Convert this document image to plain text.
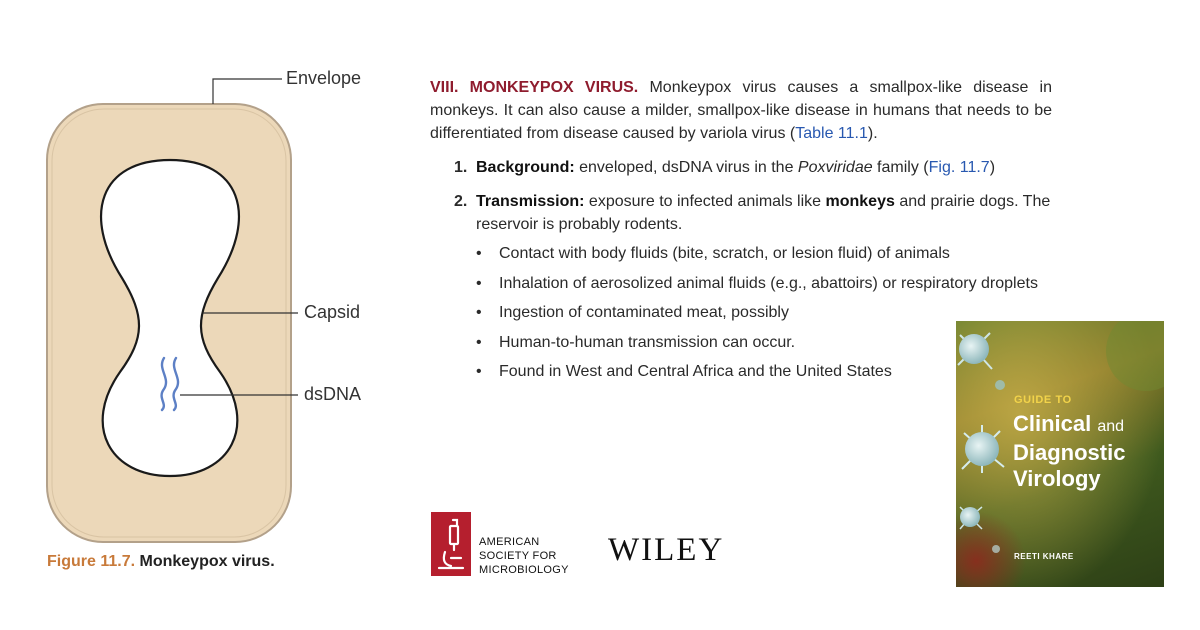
Envelope
Capsid
dsDNA
Figure 11.7. Monkeypox virus.

VIII. MONKEYPOX VIRUS. Monkeypox virus causes a smallpox-like disease in monkeys. It can also cause a milder, smallpox-like disease in humans that needs to be differentiated from disease caused by variola virus (Table 11.1).

1. Background: enveloped, dsDNA virus in the Poxviridae family (Fig. 11.7)
2. Transmission: exposure to infected animals like monkeys and prairie dogs. The reservoir is probably rodents.
• Contact with body fluids (bite, scratch, or lesion fluid) of animals
• Inhalation of aerosolized animal fluids (e.g., abattoirs) or respiratory droplets
• Ingestion of contaminated meat, possibly
• Human-to-human transmission can occur.
• Found in West and Central Africa and the United States
AMERICAN
SOCIETY FOR
MICROBIOLOGY
WILEY
GUIDE TO
Clinical and
Diagnostic
Virology
REETI KHARE
